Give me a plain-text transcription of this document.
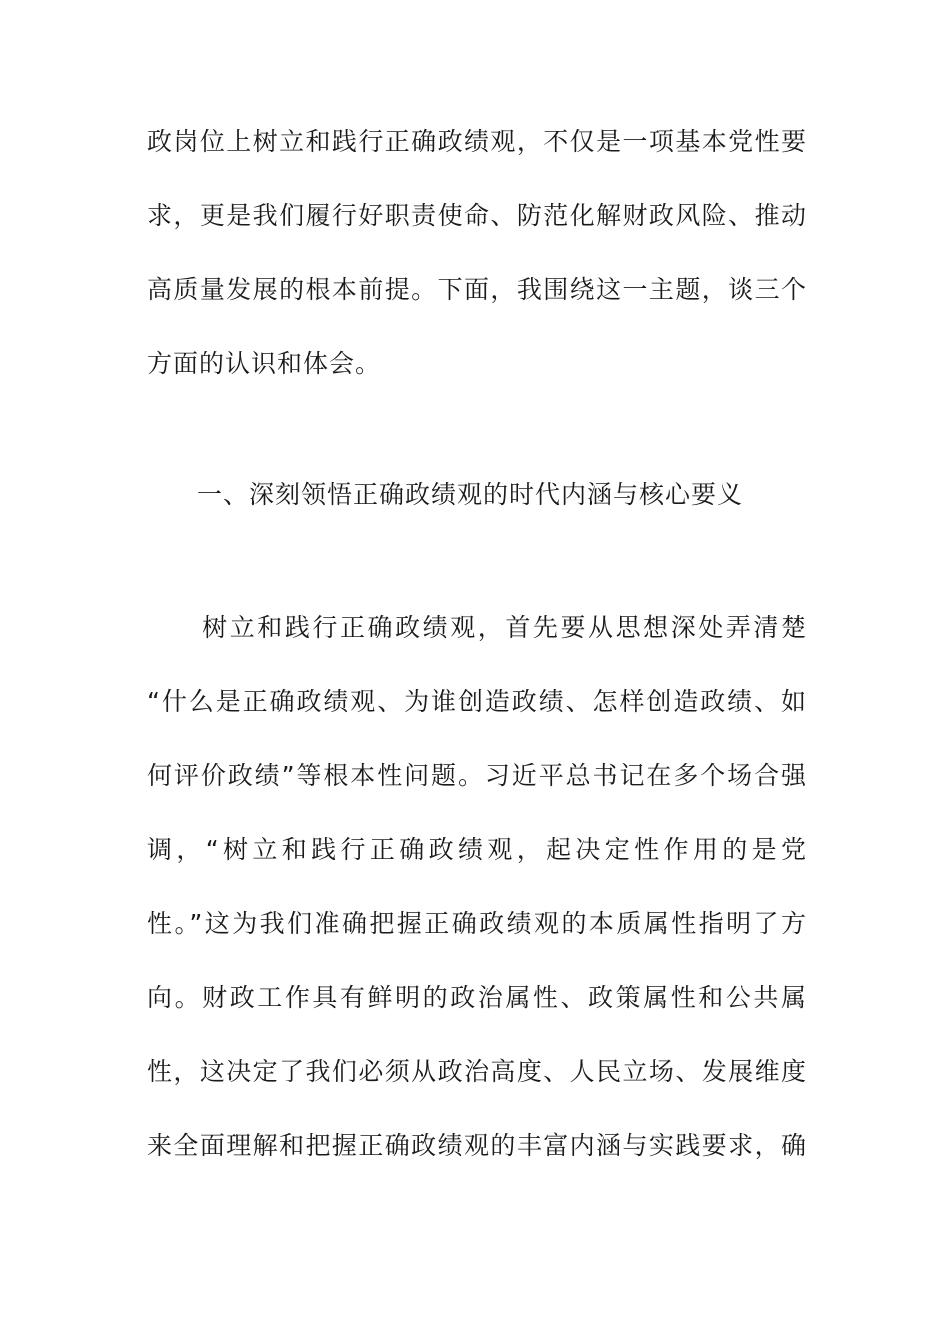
政岗位上树立和践行正确政绩观，不仅是一项基本党性要
求，更是我们履行好职责使命、防范化解财政风险、推动
高质量发展的根本前提。下面，我围绕这一主题，谈三个
方面的认识和体会。
一、深刻领悟正确政绩观的时代内涵与核心要义
　　树立和践行正确政绩观，首先要从思想深处弄清楚
“什么是正确政绩观、为谁创造政绩、怎样创造政绩、如
何评价政绩”等根本性问题。习近平总书记在多个场合强
调，“树立和践行正确政绩观，起决定性作用的是党
性。”这为我们准确把握正确政绩观的本质属性指明了方
向。财政工作具有鲜明的政治属性、政策属性和公共属
性，这决定了我们必须从政治高度、人民立场、发展维度
来全面理解和把握正确政绩观的丰富内涵与实践要求，确
